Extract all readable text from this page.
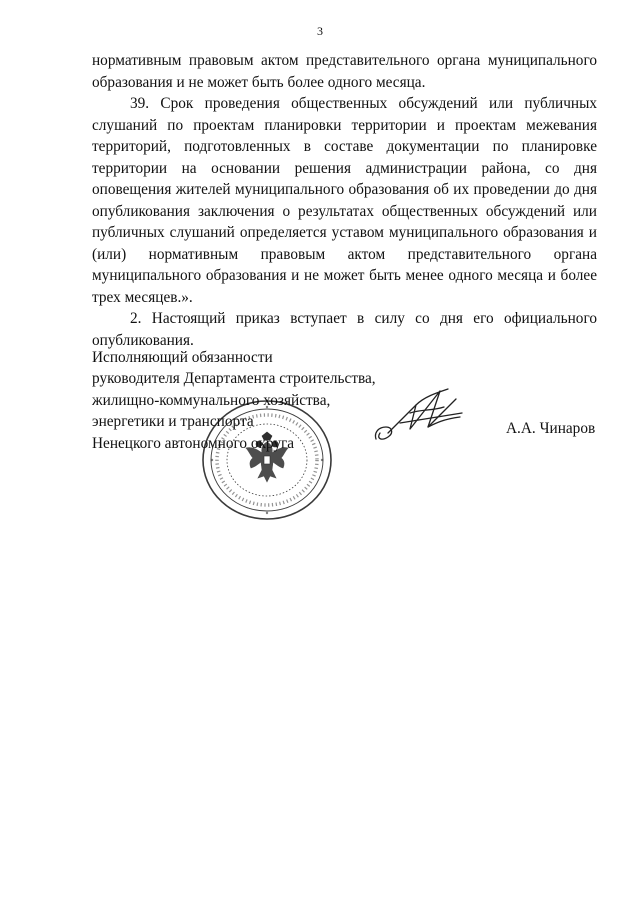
3

нормативным правовым актом представительного органа муниципального образования и не может быть более одного месяца.

39. Срок проведения общественных обсуждений или публичных слушаний по проектам планировки территории и проектам межевания территорий, подготовленных в составе документации по планировке территории на основании решения администрации района, со дня оповещения жителей муниципального образования об их проведении до дня опубликования заключения о результатах общественных обсуждений или публичных слушаний определяется уставом муниципального образования и (или) нормативным правовым актом представительного органа муниципального образования и не может быть менее одного месяца и более трех месяцев.».

2. Настоящий приказ вступает в силу со дня его официального опубликования.

Исполняющий обязанности
руководителя Департамента строительства,
жилищно-коммунального хозяйства,
энергетики и транспорта
Ненецкого автономного округа
А.А. Чинаров
